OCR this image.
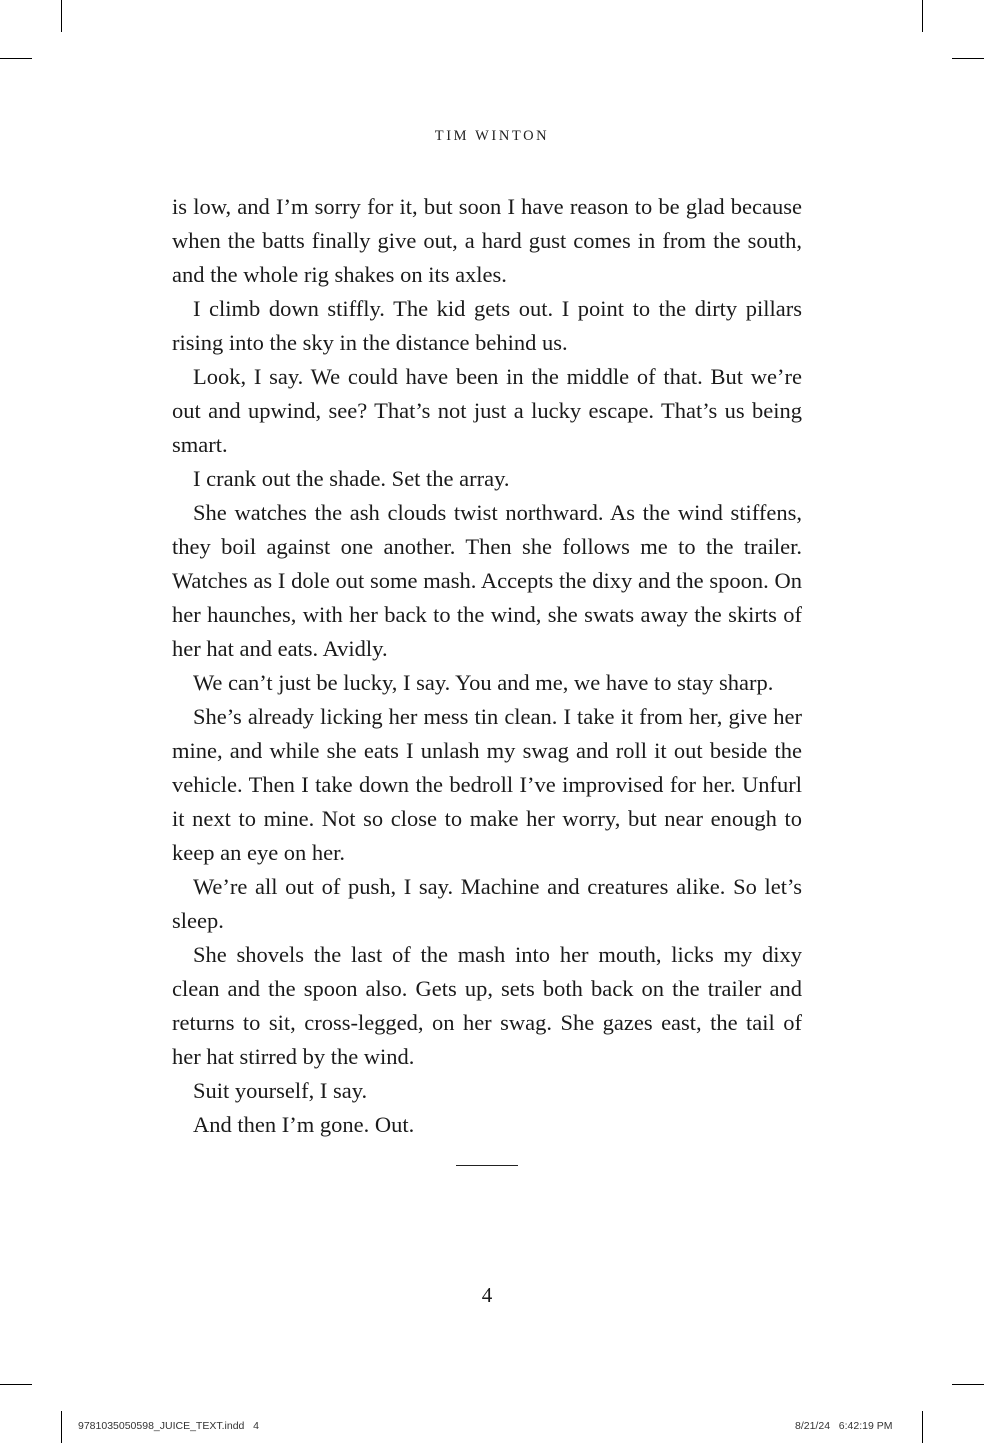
TIM WINTON

is low, and I’m sorry for it, but soon I have reason to be glad because when the batts finally give out, a hard gust comes in from the south, and the whole rig shakes on its axles.

I climb down stiffly. The kid gets out. I point to the dirty pillars rising into the sky in the distance behind us.

Look, I say. We could have been in the middle of that. But we’re out and upwind, see? That’s not just a lucky escape. That’s us being smart.

I crank out the shade. Set the array.

She watches the ash clouds twist northward. As the wind stiffens, they boil against one another. Then she follows me to the trailer. Watches as I dole out some mash. Accepts the dixy and the spoon. On her haunches, with her back to the wind, she swats away the skirts of her hat and eats. Avidly.

We can’t just be lucky, I say. You and me, we have to stay sharp.

She’s already licking her mess tin clean. I take it from her, give her mine, and while she eats I unlash my swag and roll it out beside the vehicle. Then I take down the bedroll I’ve improvised for her. Unfurl it next to mine. Not so close to make her worry, but near enough to keep an eye on her.

We’re all out of push, I say. Machine and creatures alike. So let’s sleep.

She shovels the last of the mash into her mouth, licks my dixy clean and the spoon also. Gets up, sets both back on the trailer and returns to sit, cross-legged, on her swag. She gazes east, the tail of her hat stirred by the wind.

Suit yourself, I say.

And then I’m gone. Out.

4
9781035050598_JUICE_TEXT.indd   4	8/21/24   6:42:19 PM
